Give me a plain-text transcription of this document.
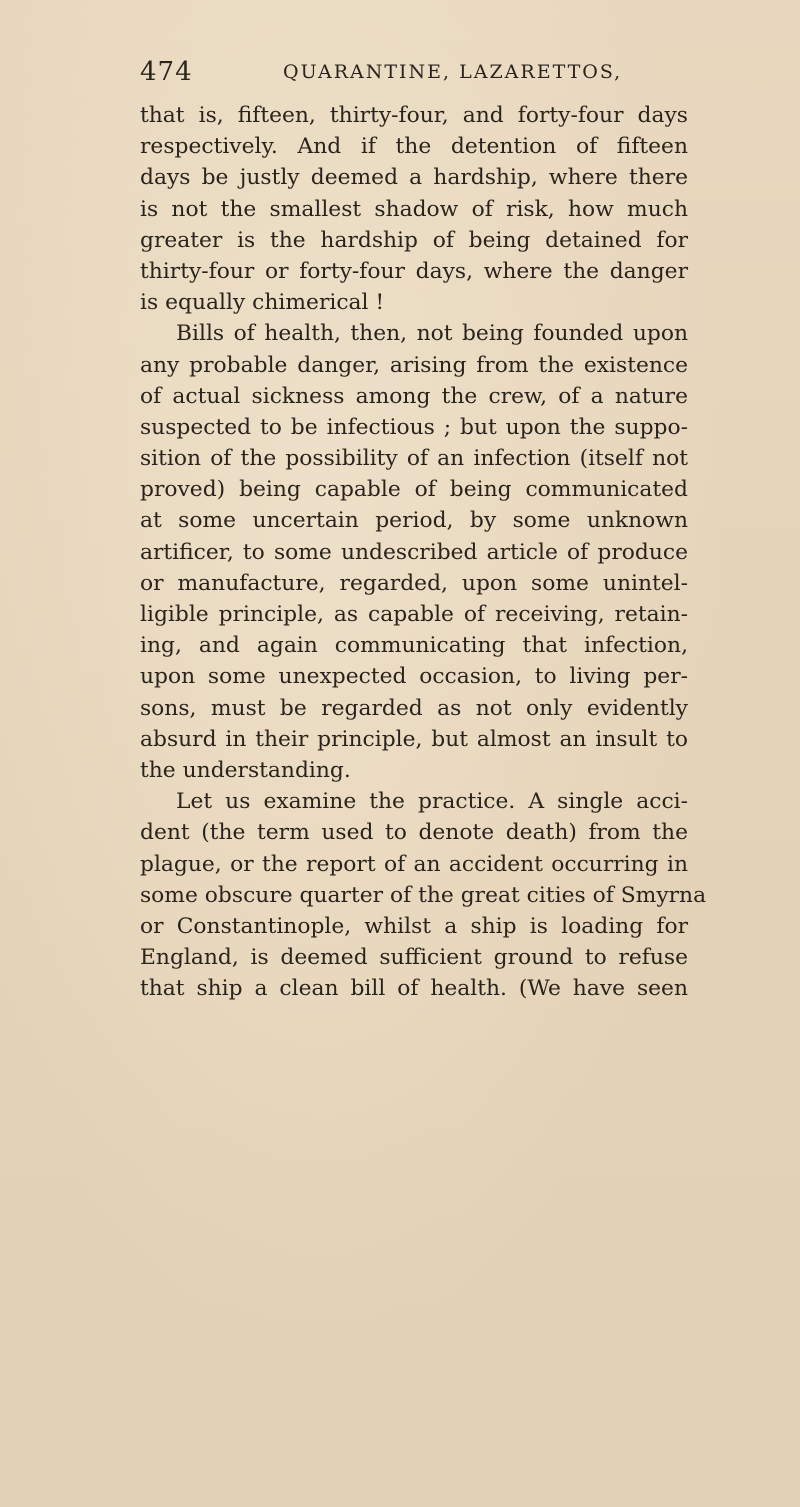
474	QUARANTINE, LAZARETTOS,
that is, fifteen, thirty-four, and forty-four days
respectively. And if the detention of fifteen
days be justly deemed a hardship, where there
is not the smallest shadow of risk, how much
greater is the hardship of being detained for
thirty-four or forty-four days, where the danger
is equally chimerical !
Bills of health, then, not being founded upon
any probable danger, arising from the existence
of actual sickness among the crew, of a nature
suspected to be infectious ; but upon the suppo-
sition of the possibility of an infection (itself not
proved) being capable of being communicated
at some uncertain period, by some unknown
artificer, to some undescribed article of produce
or manufacture, regarded, upon some unintel-
ligible principle, as capable of receiving, retain-
ing, and again communicating that infection,
upon some unexpected occasion, to living per-
sons, must be regarded as not only evidently
absurd in their principle, but almost an insult to
the understanding.
Let us examine the practice. A single acci-
dent (the term used to denote death) from the
plague, or the report of an accident occurring in
some obscure quarter of the great cities of Smyrna
or Constantinople, whilst a ship is loading for
England, is deemed sufficient ground to refuse
that ship a clean bill of health. (We have seen
